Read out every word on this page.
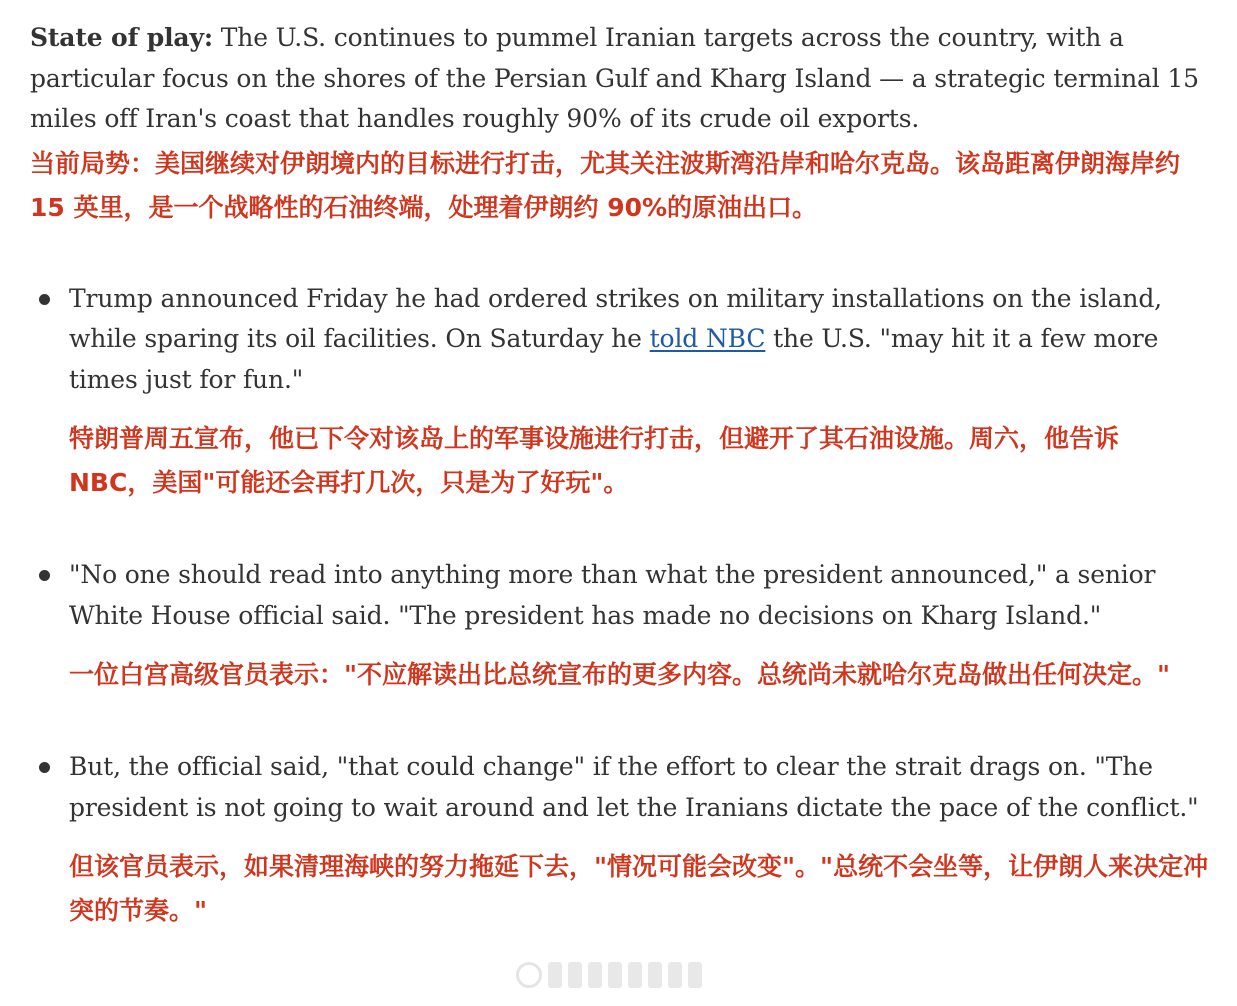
State of play: The U.S. continues to pummel Iranian targets across the country, with a particular focus on the shores of the Persian Gulf and Kharg Island — a strategic terminal 15 miles off Iran's coast that handles roughly 90% of its crude oil exports.

当前局势：美国继续对伊朗境内的目标进行打击，尤其关注波斯湾沿岸和哈尔克岛。该岛距离伊朗海岸约 15 英里，是一个战略性的石油终端，处理着伊朗约 90%的原油出口。

Trump announced Friday he had ordered strikes on military installations on the island, while sparing its oil facilities. On Saturday he told NBC the U.S. "may hit it a few more times just for fun."

特朗普周五宣布，他已下令对该岛上的军事设施进行打击，但避开了其石油设施。周六，他告诉 NBC，美国"可能还会再打几次，只是为了好玩"。

"No one should read into anything more than what the president announced," a senior White House official said. "The president has made no decisions on Kharg Island."

一位白宫高级官员表示："不应解读出比总统宣布的更多内容。总统尚未就哈尔克岛做出任何决定。"

But, the official said, "that could change" if the effort to clear the strait drags on. "The president is not going to wait around and let the Iranians dictate the pace of the conflict."

但该官员表示，如果清理海峡的努力拖延下去，"情况可能会改变"。"总统不会坐等，让伊朗人来决定冲突的节奏。"
